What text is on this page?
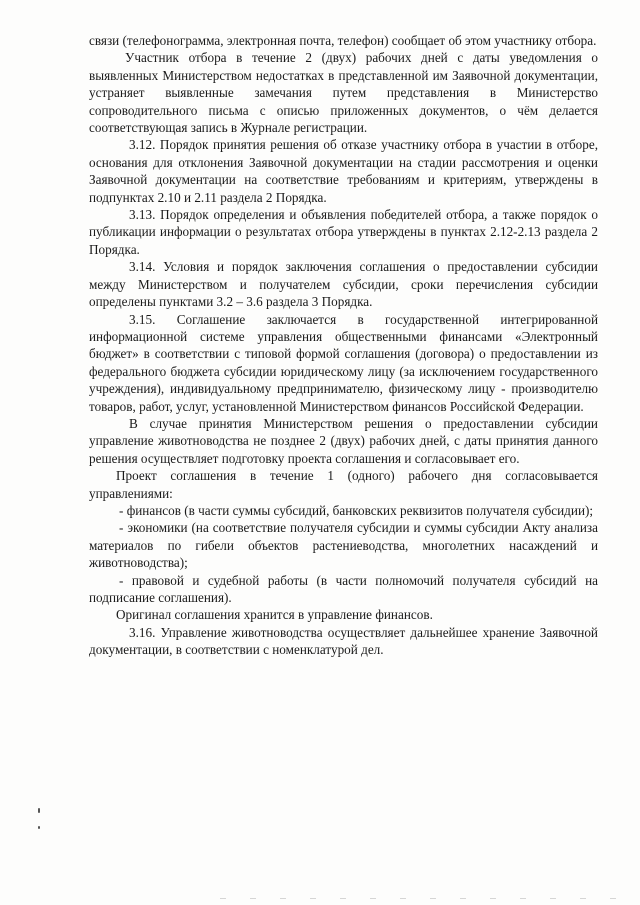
связи (телефонограмма, электронная почта, телефон) сообщает об этом участнику отбора.

Участник отбора в течение 2 (двух) рабочих дней с даты уведомления о выявленных Министерством недостатках в представленной им Заявочной документации, устраняет выявленные замечания путем представления в Министерство сопроводительного письма с описью приложенных документов, о чём делается соответствующая запись в Журнале регистрации.

3.12. Порядок принятия решения об отказе участнику отбора в участии в отборе, основания для отклонения Заявочной документации на стадии рассмотрения и оценки Заявочной документации на соответствие требованиям и критериям, утверждены в подпунктах 2.10 и 2.11 раздела 2 Порядка.

3.13. Порядок определения и объявления победителей отбора, а также порядок о публикации информации о результатах отбора утверждены в пунктах 2.12-2.13 раздела 2 Порядка.

3.14. Условия и порядок заключения соглашения о предоставлении субсидии между Министерством и получателем субсидии, сроки перечисления субсидии определены пунктами 3.2 – 3.6 раздела 3 Порядка.

3.15. Соглашение заключается в государственной интегрированной информационной системе управления общественными финансами «Электронный бюджет» в соответствии с типовой формой соглашения (договора) о предоставлении из федерального бюджета субсидии юридическому лицу (за исключением государственного учреждения), индивидуальному предпринимателю, физическому лицу - производителю товаров, работ, услуг, установленной Министерством финансов Российской Федерации.

В случае принятия Министерством решения о предоставлении субсидии управление животноводства не позднее 2 (двух) рабочих дней, с даты принятия данного решения осуществляет подготовку проекта соглашения и согласовывает его.

Проект соглашения в течение 1 (одного) рабочего дня согласовывается управлениями:

- финансов (в части суммы субсидий, банковских реквизитов получателя субсидии);

- экономики (на соответствие получателя субсидии и суммы субсидии Акту анализа материалов по гибели объектов растениеводства, многолетних насаждений и животноводства);

- правовой и судебной работы (в части полномочий получателя субсидий на подписание соглашения).

Оригинал соглашения хранится в управление финансов.

3.16. Управление животноводства осуществляет дальнейшее хранение Заявочной документации, в соответствии с номенклатурой дел.
